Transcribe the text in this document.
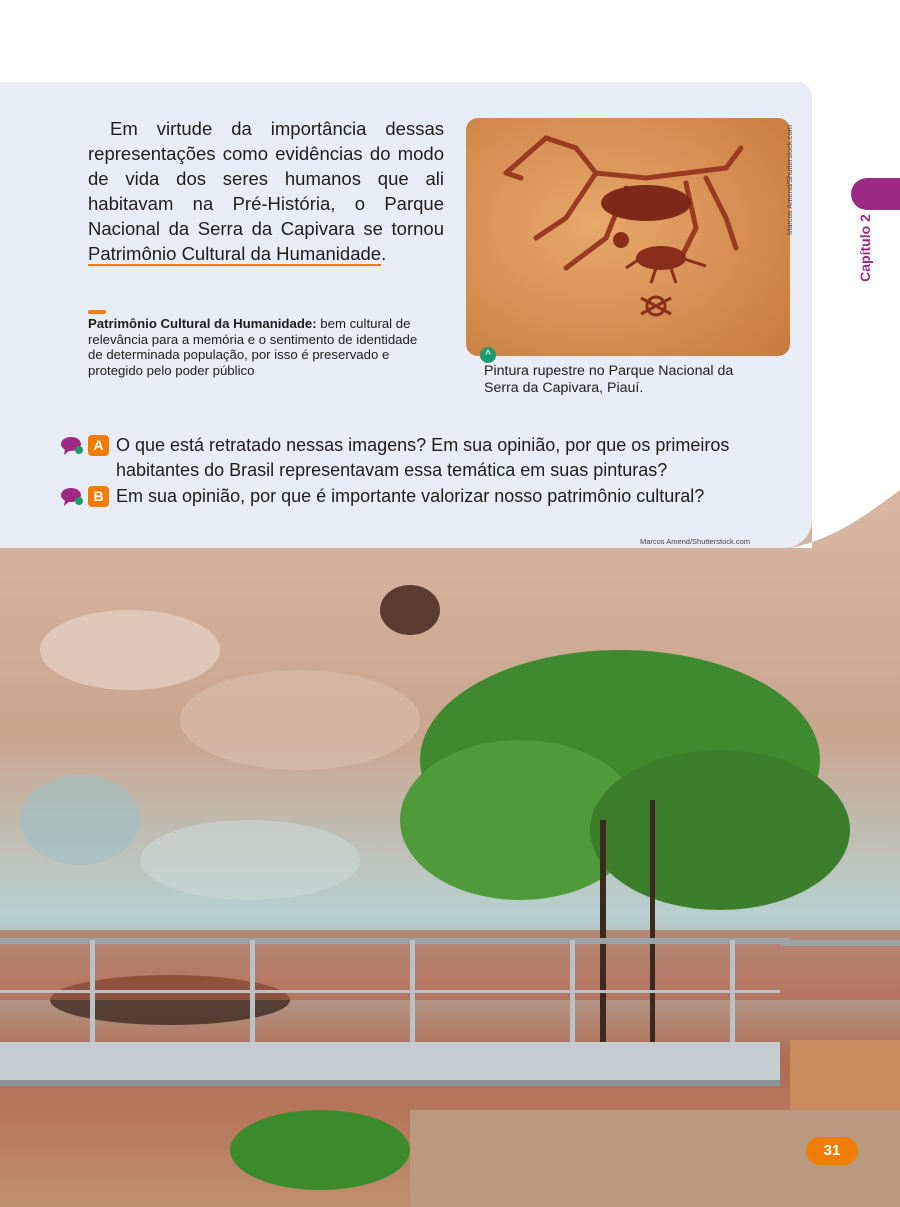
Capítulo 2

Em virtude da importância dessas representações como evidências do modo de vida dos seres humanos que ali habitavam na Pré-História, o Parque Nacional da Serra da Capivara se tornou Patrimônio Cultural da Humanidade.

Patrimônio Cultural da Humanidade: bem cultural de relevância para a memória e o sentimento de identidade de determinada população, por isso é preservado e protegido pelo poder público

Marcos Amend/Shutterstock.com
^

Pintura rupestre no Parque Nacional da Serra da Capivara, Piauí.

A O que está retratado nessas imagens? Em sua opinião, por que os primeiros habitantes do Brasil representavam essa temática em suas pinturas?

B Em sua opinião, por que é importante valorizar nosso patrimônio cultural?

Marcos Amend/Shutterstock.com
31
